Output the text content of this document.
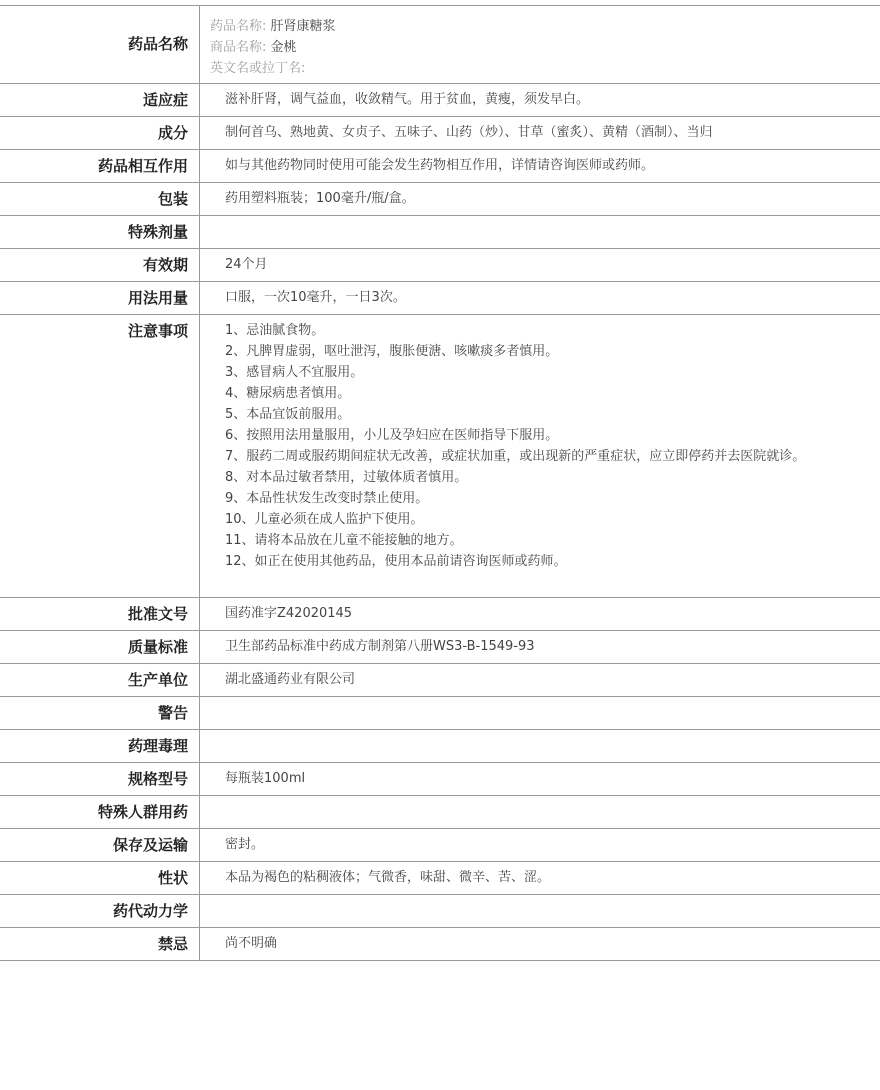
药品名称
药品名称: 肝肾康糖浆
商品名称: 金桃
英文名或拉丁名:
适应症	滋补肝肾，调气益血，收敛精气。用于贫血，黄瘦，须发早白。
成分	制何首乌、熟地黄、女贞子、五味子、山药（炒）、甘草（蜜炙）、黄精（酒制）、当归
药品相互作用	如与其他药物同时使用可能会发生药物相互作用，详情请咨询医师或药师。
包装	药用塑料瓶装；100毫升/瓶/盒。
特殊剂量
有效期	24个月
用法用量	口服，一次10毫升，一日3次。
注意事项	1、忌油腻食物。
2、凡脾胃虚弱，呕吐泄泻，腹胀便溏、咳嗽痰多者慎用。
3、感冒病人不宜服用。
4、糖尿病患者慎用。
5、本品宜饭前服用。
6、按照用法用量服用，小儿及孕妇应在医师指导下服用。
7、服药二周或服药期间症状无改善，或症状加重，或出现新的严重症状，应立即停药并去医院就诊。
8、对本品过敏者禁用，过敏体质者慎用。
9、本品性状发生改变时禁止使用。
10、儿童必须在成人监护下使用。
11、请将本品放在儿童不能接触的地方。
12、如正在使用其他药品，使用本品前请咨询医师或药师。
批准文号	国药准字Z42020145
质量标准	卫生部药品标准中药成方制剂第八册WS3-B-1549-93
生产单位	湖北盛通药业有限公司
警告
药理毒理
规格型号	每瓶装100ml
特殊人群用药
保存及运输	密封。
性状	本品为褐色的粘稠液体；气微香，味甜、微辛、苦、涩。
药代动力学
禁忌	尚不明确
